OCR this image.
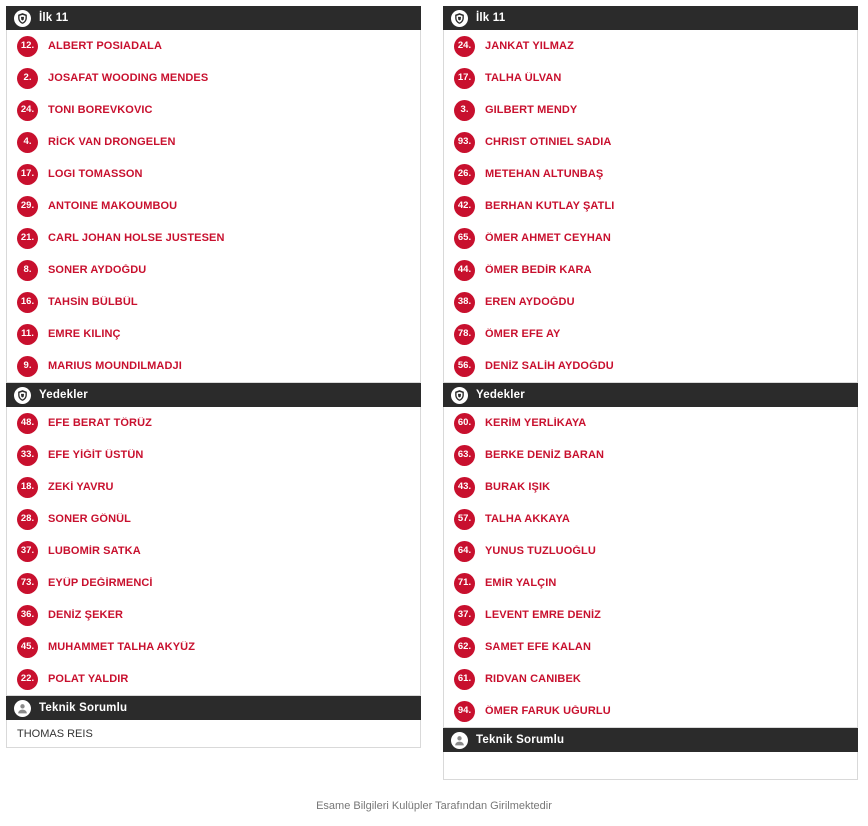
İlk 11
12.	ALBERT POSIADALA
2.	JOSAFAT WOODING MENDES
24.	TONI BOREVKOVIC
4.	RİCK VAN DRONGELEN
17.	LOGI TOMASSON
29.	ANTOINE MAKOUMBOU
21.	CARL JOHAN HOLSE JUSTESEN
8.	SONER AYDOĞDU
16.	TAHSİN BÜLBÜL
11.	EMRE KILINÇ
9.	MARIUS MOUNDILMADJI
Yedekler
48.	EFE BERAT TÖRÜZ
33.	EFE YİĞİT ÜSTÜN
18.	ZEKİ YAVRU
28.	SONER GÖNÜL
37.	LUBOMİR SATKA
73.	EYÜP DEĞİRMENCİ
36.	DENİZ ŞEKER
45.	MUHAMMET TALHA AKYÜZ
22.	POLAT YALDIR
Teknik Sorumlu
THOMAS REIS
İlk 11
24.	JANKAT YILMAZ
17.	TALHA ÜLVAN
3.	GILBERT MENDY
93.	CHRIST OTINIEL SADIA
26.	METEHAN ALTUNBAŞ
42.	BERHAN KUTLAY ŞATLI
65.	ÖMER AHMET CEYHAN
44.	ÖMER BEDİR KARA
38.	EREN AYDOĞDU
78.	ÖMER EFE AY
56.	DENİZ SALİH AYDOĞDU
Yedekler
60.	KERİM YERLİKAYA
63.	BERKE DENİZ BARAN
43.	BURAK IŞIK
57.	TALHA AKKAYA
64.	YUNUS TUZLUOĞLU
71.	EMİR YALÇIN
37.	LEVENT EMRE DENİZ
62.	SAMET EFE KALAN
61.	RIDVAN CANIBEK
94.	ÖMER FARUK UĞURLU
Teknik Sorumlu
Esame Bilgileri Kulüpler Tarafından Girilmektedir
